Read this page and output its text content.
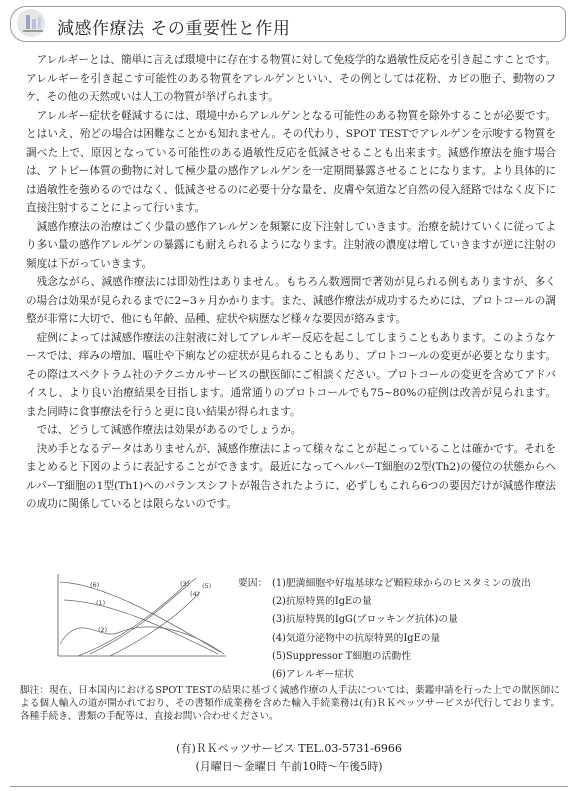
減感作療法 その重要性と作用

アレルギーとは、簡単に言えば環境中に存在する物質に対して免疫学的な過敏性反応を引き起こすことです。アレルギーを引き起こす可能性のある物質をアレルゲンといい、その例としては花粉、カビの胞子、動物のフケ、その他の天然或いは人工の物質が挙げられます。

アレルギー症状を軽減するには、環境中からアレルゲンとなる可能性のある物質を除外することが必要です。とはいえ、殆どの場合は困難なことかも知れません。その代わり、SPOT TESTでアレルゲンを示唆する物質を調べた上で、原因となっている可能性のある過敏性反応を低減させることも出来ます。減感作療法を施す場合は、アトピー体質の動物に対して極少量の感作アレルゲンを一定期間暴露させることになります。より具体的には過敏性を強めるのではなく、低減させるのに必要十分な量を、皮膚や気道など自然の侵入経路ではなく皮下に直接注射することによって行います。

減感作療法の治療はごく少量の感作アレルゲンを頻繁に皮下注射していきます。治療を続けていくに従ってより多い量の感作アレルゲンの暴露にも耐えられるようになります。注射液の濃度は増していきますが逆に注射の頻度は下がっていきます。

残念ながら、減感作療法には即効性はありません。もちろん数週間で著効が見られる例もありますが、多くの場合は効果が見られるまでに2~3ヶ月かかります。また、減感作療法が成功するためには、プロトコールの調整が非常に大切で、他にも年齢、品種、症状や病歴など様々な要因が絡みます。

症例によっては減感作療法の注射液に対してアレルギー反応を起こしてしまうこともあります。このようなケースでは、痒みの増加、嘔吐や下痢などの症状が見られることもあり、プロトコールの変更が必要となります。その際はスペクトラム社のテクニカルサービスの獣医師にご相談ください。プロトコールの変更を含めてアドバイスし、より良い治療結果を目指します。通常通りのプロトコールでも75~80%の症例は改善が見られます。また同時に食事療法を行うと更に良い結果が得られます。

では、どうして減感作療法は効果があるのでしょうか。

決め手となるデータはありませんが、減感作療法によって様々なことが起こっていることは確かです。それをまとめると下図のように表記することができます。最近になってヘルパーT細胞の2型(Th2)の優位の状態からヘルパーT細胞の1型(Th1)へのバランスシフトが報告されたように、必ずしもこれら6つの要因だけが減感作療法の成功に関係しているとは限らないのです。

(6)
(1)
(2)
(3)
(4)
(5)	要因： (1)肥満細胞や好塩基球など顆粒球からのヒスタミンの放出
(2)抗原特異的IgEの量
(3)抗原特異的IgG(ブロッキング抗体)の量
(4)気道分泌物中の抗原特異的IgEの量
(5)Suppressor T細胞の活動性
(6)アレルギー症状
脚注：現在、日本国内におけるSPOT TESTの結果に基づく減感作療の人手法については、薬鑑申請を行った上での獣医師による個人輸入の道が開かれており、その書類作成業務を含めた輸入手続業務は(有)ＲＫペッツサービスが代行しております。各種手続き、書類の手配等は、直接お問い合わせください。
(有)ＲＫペッツサービス TEL.03-5731-6966
(月曜日～金曜日 午前10時～午後5時)
